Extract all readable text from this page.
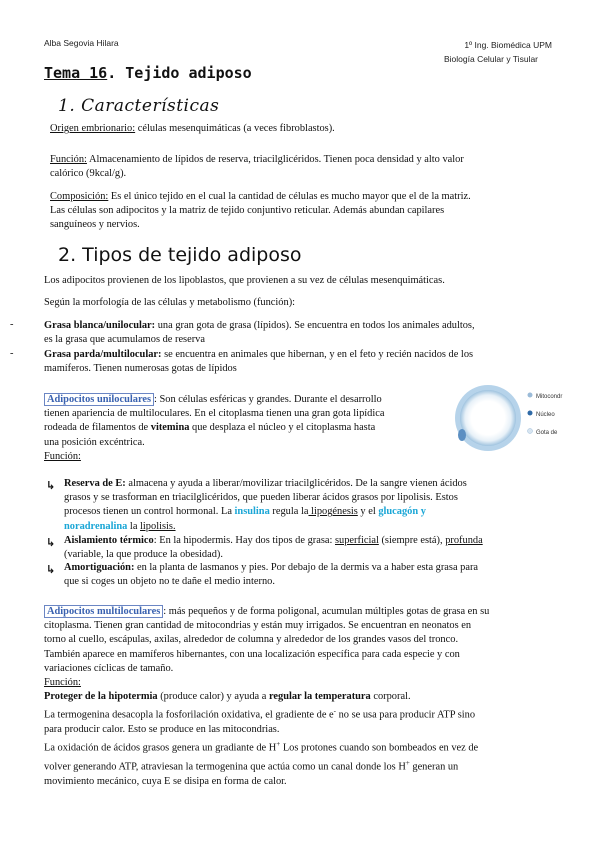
Alba Segovia Hilara	1º Ing. Biomédica UPM
Biología Celular y Tisular
Tema 16. Tejido adiposo
1. Características
Origen embrionario: células mesenquimáticas (a veces fibroblastos).
Función: Almacenamiento de lípidos de reserva, triacilglicéridos. Tienen poca densidad y alto valor
calórico (9kcal/g).
Composición: Es el único tejido en el cual la cantidad de células es mucho mayor que el de la matriz.
Las células son adipocitos y la matriz de tejido conjuntivo reticular. Además abundan capilares
sanguíneos y nervios.
2. Tipos de tejido adiposo
Los adipocitos provienen de los lipoblastos, que provienen a su vez de células mesenquimáticas.
Según la morfología de las células y metabolismo (función):
-	Grasa blanca/unilocular: una gran gota de grasa (lípidos). Se encuentra en todos los animales adultos,
es la grasa que acumulamos de reserva
-	Grasa parda/multilocular: se encuentra en animales que hibernan, y en el feto y recién nacidos de los
mamíferos. Tienen numerosas gotas de lípidos
Adipocitos uniloculares : Son células esféricas y grandes. Durante el desarrollo
tienen apariencia de multiloculares. En el citoplasma tienen una gran gota lipídica
rodeada de filamentos de vitemina que desplaza el núcleo y el citoplasma hasta
una posición excéntrica.
Función:
Mitocondr
Núcleo
Gota de
↳ Reserva de E: almacena y ayuda a liberar/movilizar triacilglicéridos. De la sangre vienen ácidos
grasos y se trasforman en triacilglicéridos, que pueden liberar ácidos grasos por lipolisis. Estos
procesos tienen un control hormonal. La insulina regula la lipogénesis y el glucagón y
noradrenalina la lipolisis.
↳ Aislamiento térmico: En la hipodermis. Hay dos tipos de grasa: superficial (siempre está), profunda
(variable, la que produce la obesidad).
↳ Amortiguación: en la planta de lasmanos y pies. Por debajo de la dermis va a haber esta grasa para
que si coges un objeto no te dañe el medio interno.
Adipocitos multiloculares : más pequeños y de forma poligonal, acumulan múltiples gotas de grasa en su
citoplasma. Tienen gran cantidad de mitocondrias y están muy irrigados. Se encuentran en neonatos en
torno al cuello, escápulas, axilas, alrededor de columna y alrededor de los grandes vasos del tronco.
También aparece en mamíferos hibernantes, con una localización específica para cada especie y con
variaciones cíclicas de tamaño.
Función:
Proteger de la hipotermia (produce calor) y ayuda a regular la temperatura corporal.
La termogenina desacopla la fosforilación oxidativa, el gradiente de e- no se usa para producir ATP sino
para producir calor. Esto se produce en las mitocondrias.
La oxidación de ácidos grasos genera un gradiante de H+ Los protones cuando son bombeados en vez de
volver generando ATP, atraviesan la termogenina que actúa como un canal donde los H+ generan un
movimiento mecánico, cuya E se disipa en forma de calor.
